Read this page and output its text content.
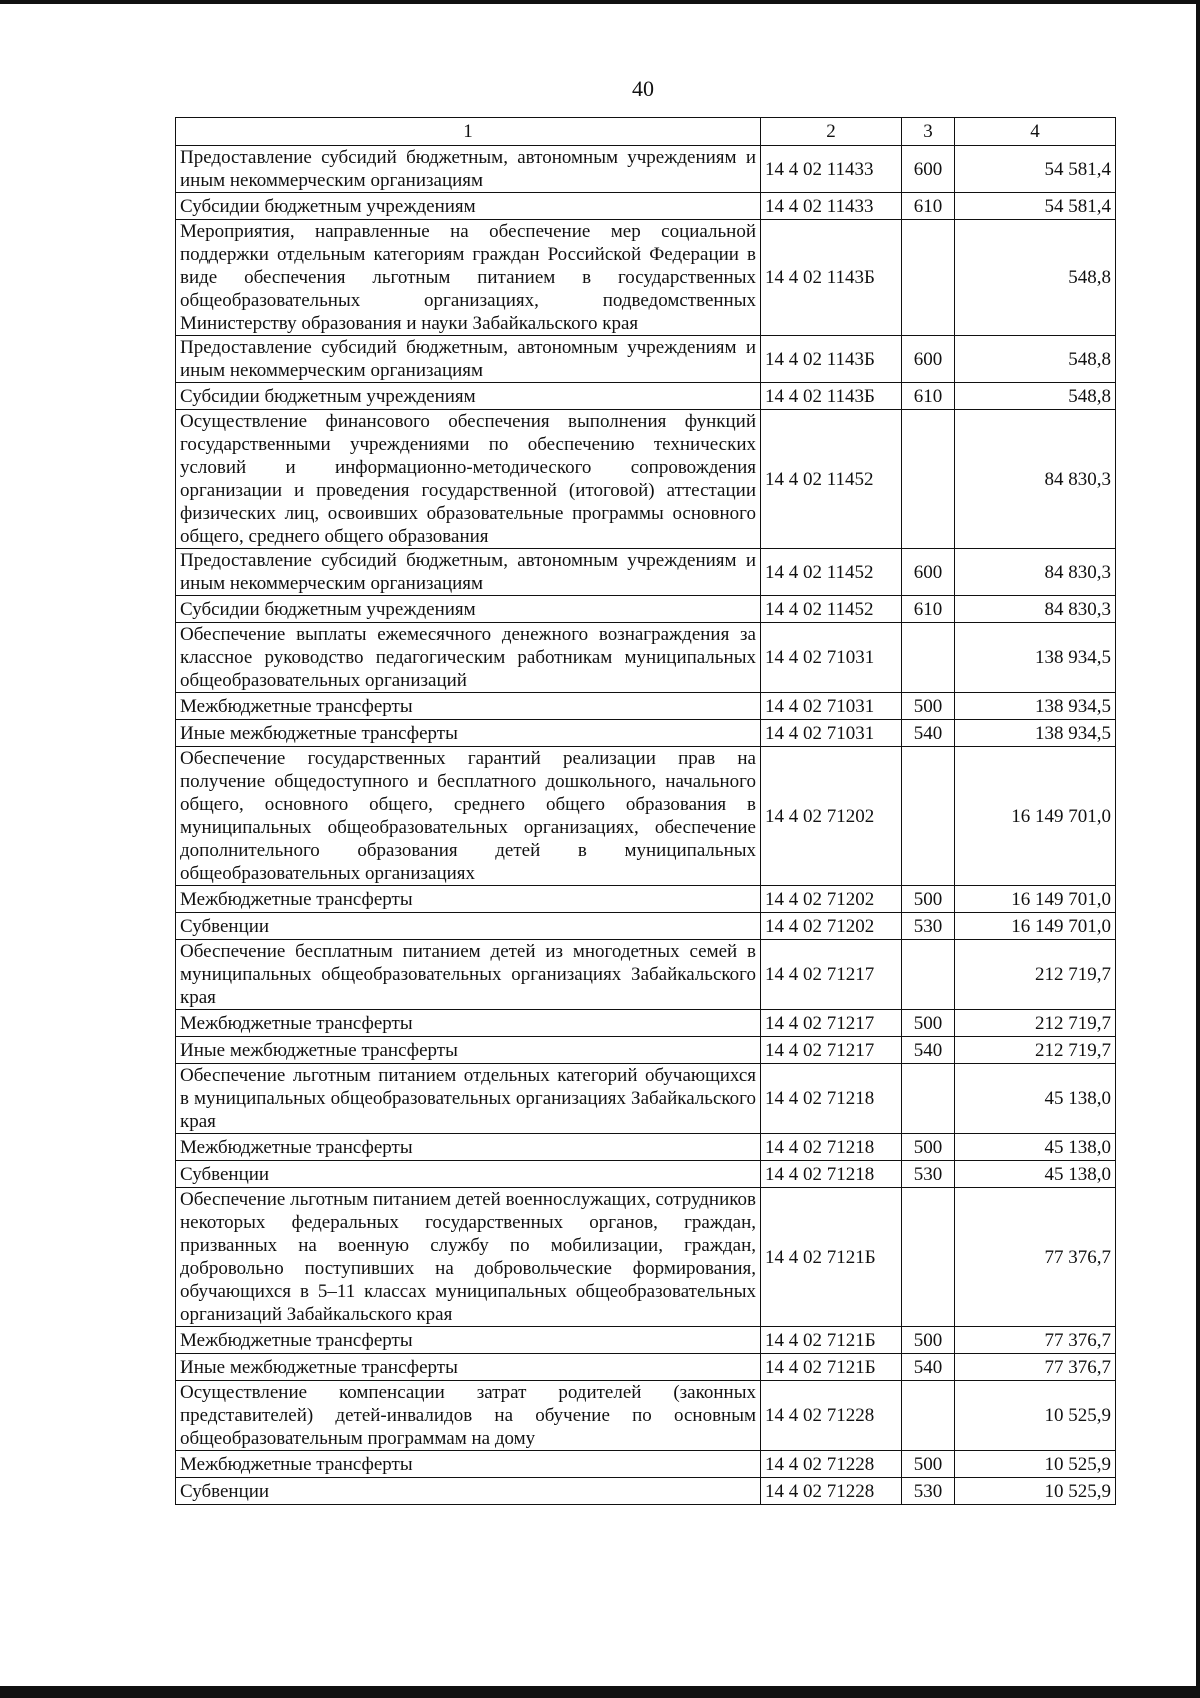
40
1	2	3	4
Предоставление субсидий бюджетным, автономным учреждениям и иным некоммерческим организациям	14 4 02 11433	600	54 581,4
Субсидии бюджетным учреждениям	14 4 02 11433	610	54 581,4
Мероприятия, направленные на обеспечение мер социальной поддержки отдельным категориям граждан Российской Федерации в виде обеспечения льготным питанием в государственных общеобразовательных организациях, подведомственных Министерству образования и науки Забайкальского края	14 4 02 1143Б		548,8
Предоставление субсидий бюджетным, автономным учреждениям и иным некоммерческим организациям	14 4 02 1143Б	600	548,8
Субсидии бюджетным учреждениям	14 4 02 1143Б	610	548,8
Осуществление финансового обеспечения выполнения функций государственными учреждениями по обеспечению технических условий и информационно-методического сопровождения организации и проведения государственной (итоговой) аттестации физических лиц, освоивших образовательные программы основного общего, среднего общего образования	14 4 02 11452		84 830,3
Предоставление субсидий бюджетным, автономным учреждениям и иным некоммерческим организациям	14 4 02 11452	600	84 830,3
Субсидии бюджетным учреждениям	14 4 02 11452	610	84 830,3
Обеспечение выплаты ежемесячного денежного вознаграждения за классное руководство педагогическим работникам муниципальных общеобразовательных организаций	14 4 02 71031		138 934,5
Межбюджетные трансферты	14 4 02 71031	500	138 934,5
Иные межбюджетные трансферты	14 4 02 71031	540	138 934,5
Обеспечение государственных гарантий реализации прав на получение общедоступного и бесплатного дошкольного, начального общего, основного общего, среднего общего образования в муниципальных общеобразовательных организациях, обеспечение дополнительного образования детей в муниципальных общеобразовательных организациях	14 4 02 71202		16 149 701,0
Межбюджетные трансферты	14 4 02 71202	500	16 149 701,0
Субвенции	14 4 02 71202	530	16 149 701,0
Обеспечение бесплатным питанием детей из многодетных семей в муниципальных общеобразовательных организациях Забайкальского края	14 4 02 71217		212 719,7
Межбюджетные трансферты	14 4 02 71217	500	212 719,7
Иные межбюджетные трансферты	14 4 02 71217	540	212 719,7
Обеспечение льготным питанием отдельных категорий обучающихся в муниципальных общеобразовательных организациях Забайкальского края	14 4 02 71218		45 138,0
Межбюджетные трансферты	14 4 02 71218	500	45 138,0
Субвенции	14 4 02 71218	530	45 138,0
Обеспечение льготным питанием детей военнослужащих, сотрудников некоторых федеральных государственных органов, граждан, призванных на военную службу по мобилизации, граждан, добровольно поступивших на добровольческие формирования, обучающихся в 5–11 классах муниципальных общеобразовательных организаций Забайкальского края	14 4 02 7121Б		77 376,7
Межбюджетные трансферты	14 4 02 7121Б	500	77 376,7
Иные межбюджетные трансферты	14 4 02 7121Б	540	77 376,7
Осуществление компенсации затрат родителей (законных представителей) детей-инвалидов на обучение по основным общеобразовательным программам на дому	14 4 02 71228		10 525,9
Межбюджетные трансферты	14 4 02 71228	500	10 525,9
Субвенции	14 4 02 71228	530	10 525,9
